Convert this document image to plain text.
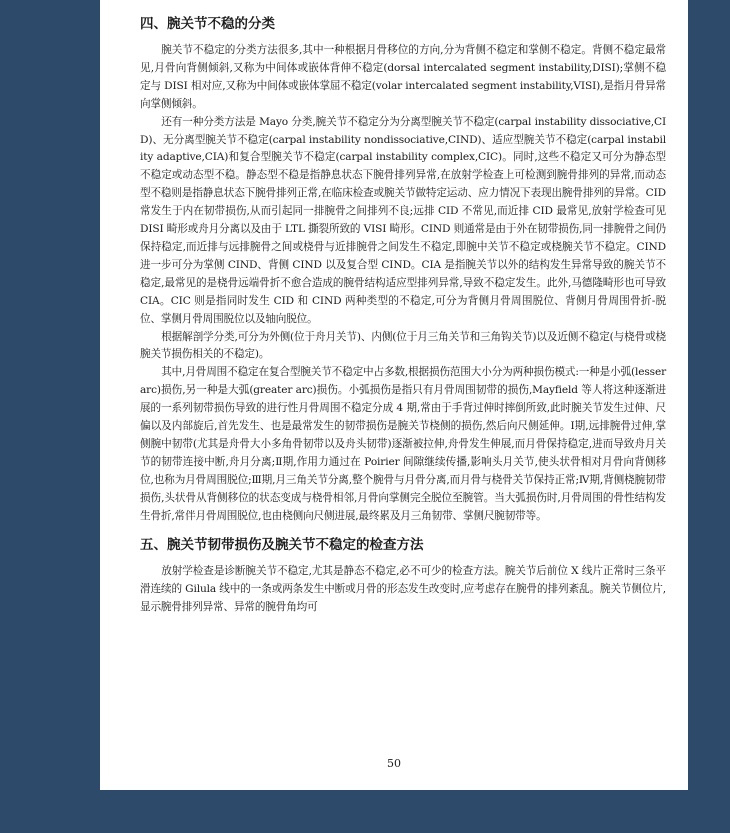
四、腕关节不稳的分类

腕关节不稳定的分类方法很多,其中一种根据月骨移位的方向,分为背侧不稳定和掌侧不稳定。背侧不稳定最常见,月骨向背侧倾斜,又称为中间体或嵌体背伸不稳定(dorsal intercalated segment instability,DISI);掌侧不稳定与 DISI 相对应,又称为中间体或嵌体掌屈不稳定(volar intercalated segment instability,VISI),是指月骨异常向掌侧倾斜。

还有一种分类方法是 Mayo 分类,腕关节不稳定分为分离型腕关节不稳定(carpal instability dissociative,CID)、无分离型腕关节不稳定(carpal instability nondissociative,CIND)、适应型腕关节不稳定(carpal instability adaptive,CIA)和复合型腕关节不稳定(carpal instability complex,CIC)。同时,这些不稳定又可分为静态型不稳定或动态型不稳。静态型不稳是指静息状态下腕骨排列异常,在放射学检查上可检测到腕骨排列的异常,而动态型不稳则是指静息状态下腕骨排列正常,在临床检查或腕关节做特定运动、应力情况下表现出腕骨排列的异常。CID 常发生于内在韧带损伤,从而引起同一排腕骨之间排列不良;远排 CID 不常见,而近排 CID 最常见,放射学检查可见 DISI 畸形或舟月分离以及由于 LTL 撕裂所致的 VISI 畸形。CIND 则通常是由于外在韧带损伤,同一排腕骨之间仍保持稳定,而近排与远排腕骨之间或桡骨与近排腕骨之间发生不稳定,即腕中关节不稳定或桡腕关节不稳定。CIND 进一步可分为掌侧 CIND、背侧 CIND 以及复合型 CIND。CIA 是指腕关节以外的结构发生异常导致的腕关节不稳定,最常见的是桡骨远端骨折不愈合造成的腕骨结构适应型排列异常,导致不稳定发生。此外,马德隆畸形也可导致 CIA。CIC 则是指同时发生 CID 和 CIND 两种类型的不稳定,可分为背侧月骨周围脱位、背侧月骨周围骨折-脱位、掌侧月骨周围脱位以及轴向脱位。

根据解剖学分类,可分为外侧(位于舟月关节)、内侧(位于月三角关节和三角钩关节)以及近侧不稳定(与桡骨或桡腕关节损伤相关的不稳定)。

其中,月骨周围不稳定在复合型腕关节不稳定中占多数,根据损伤范围大小分为两种损伤模式:一种是小弧(lesser arc)损伤,另一种是大弧(greater arc)损伤。小弧损伤是指只有月骨周围韧带的损伤,Mayfield 等人将这种逐渐进展的一系列韧带损伤导致的进行性月骨周围不稳定分成 4 期,常由于手背过伸时摔倒所致,此时腕关节发生过伸、尺偏以及内部旋后,首先发生、也是最常发生的韧带损伤是腕关节桡侧的损伤,然后向尺侧延伸。Ⅰ期,远排腕骨过伸,掌侧腕中韧带(尤其是舟骨大小多角骨韧带以及舟头韧带)逐渐被拉伸,舟骨发生伸展,而月骨保持稳定,进而导致舟月关节的韧带连接中断,舟月分离;Ⅱ期,作用力通过在 Poirier 间隙继续传播,影响头月关节,使头状骨相对月骨向背侧移位,也称为月骨周围脱位;Ⅲ期,月三角关节分离,整个腕骨与月骨分离,而月骨与桡骨关节保持正常;Ⅳ期,背侧桡腕韧带损伤,头状骨从背侧移位的状态变成与桡骨相邻,月骨向掌侧完全脱位至腕管。当大弧损伤时,月骨周围的骨性结构发生骨折,常伴月骨周围脱位,也由桡侧向尺侧进展,最终累及月三角韧带、掌侧尺腕韧带等。

五、腕关节韧带损伤及腕关节不稳定的检查方法

放射学检查是诊断腕关节不稳定,尤其是静态不稳定,必不可少的检查方法。腕关节后前位 X 线片正常时三条平滑连续的 Gilula 线中的一条或两条发生中断或月骨的形态发生改变时,应考虑存在腕骨的排列紊乱。腕关节侧位片,显示腕骨排列异常、异常的腕骨角均可

50
